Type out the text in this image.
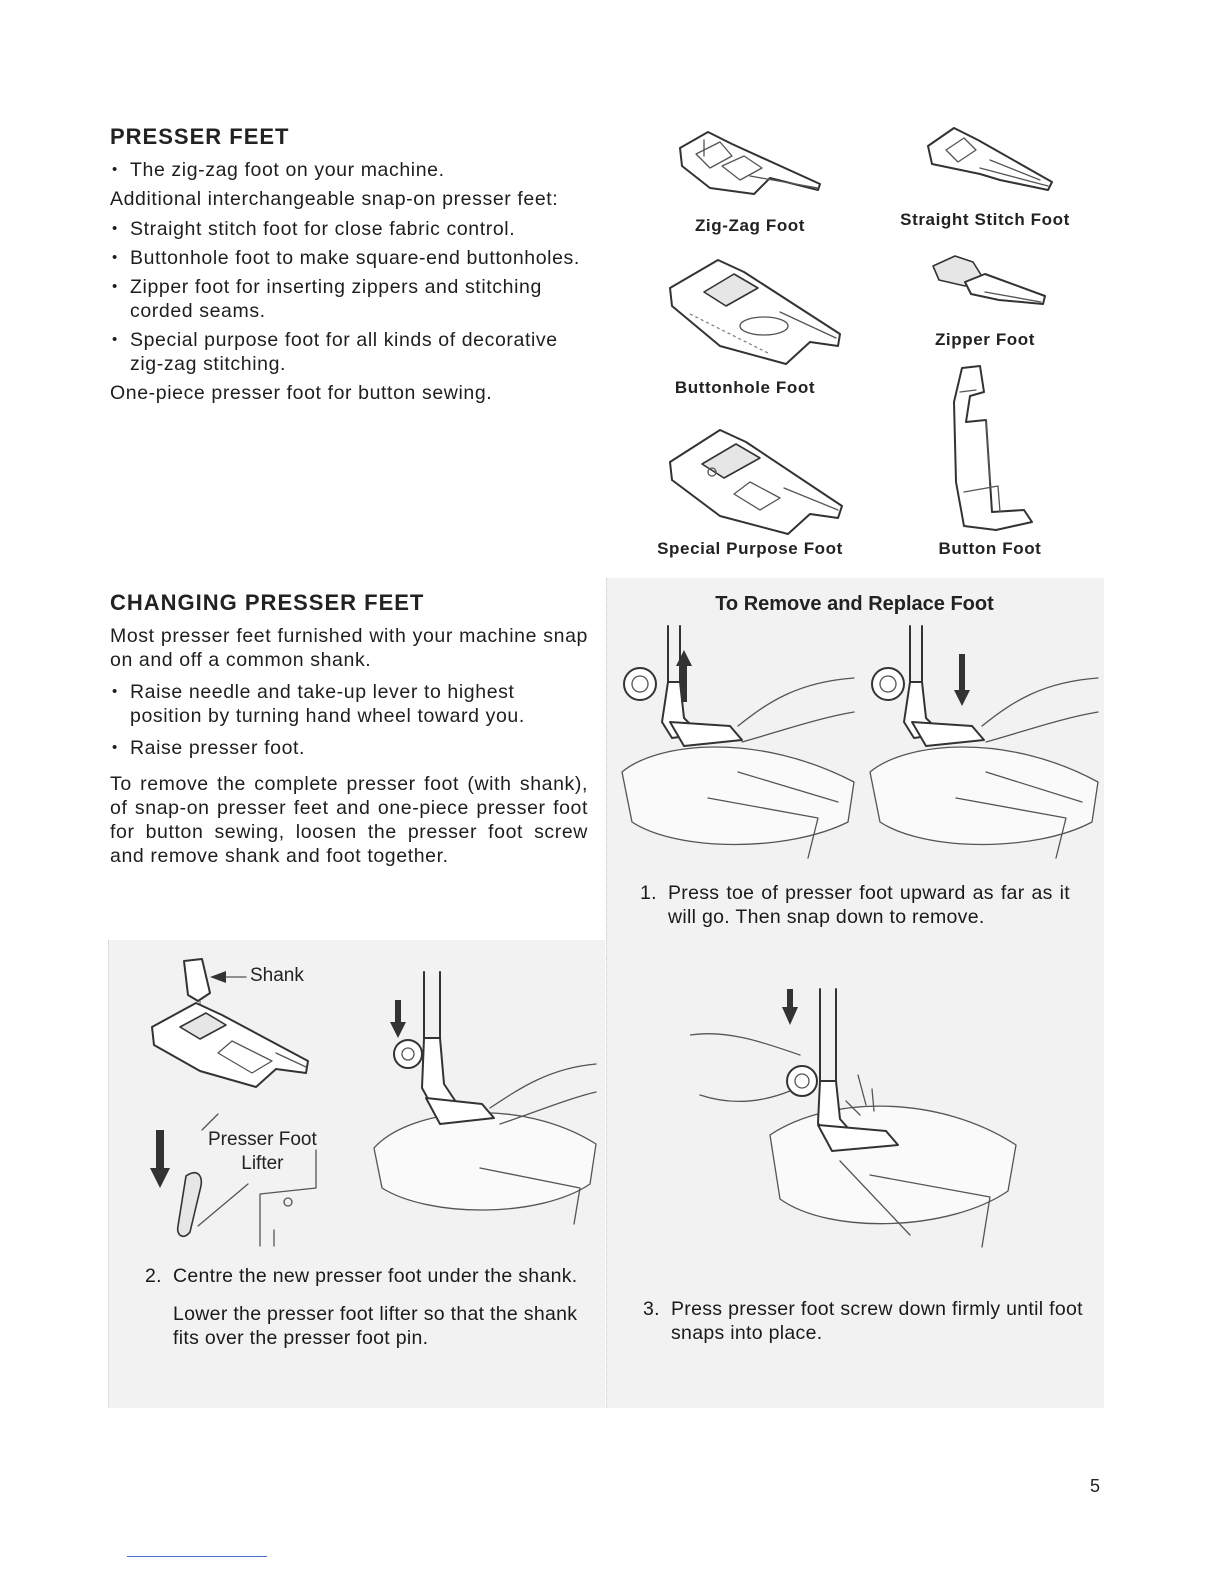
PRESSER FEET
• The zig-zag foot on your machine.

Additional interchangeable snap-on presser feet:

• Straight stitch foot for close fabric control.
• Buttonhole foot to make square-end buttonholes.
• Zipper foot for inserting zippers and stitching corded seams.
• Special purpose foot for all kinds of decorative zig-zag stitching.

One-piece presser foot for button sewing.

Zig-Zag Foot	Straight Stitch Foot
Buttonhole Foot
Zipper Foot
Special Purpose Foot	Button Foot
CHANGING PRESSER FEET

Most presser feet furnished with your machine snap on and off a common shank.

• Raise needle and take-up lever to highest position by turning hand wheel toward you.
• Raise presser foot.

To remove the complete presser foot (with shank), of snap-on presser feet and one-piece presser foot for button sewing, loosen the presser foot screw and remove shank and foot together.

To Remove and Replace Foot
1. Press toe of presser foot upward as far as it will go. Then snap down to remove.
Shank
Presser Foot
Lifter
2. Centre the new presser foot under the shank.
Lower the presser foot lifter so that the shank fits over the presser foot pin.
3. Press presser foot screw down firmly until foot snaps into place.
5
